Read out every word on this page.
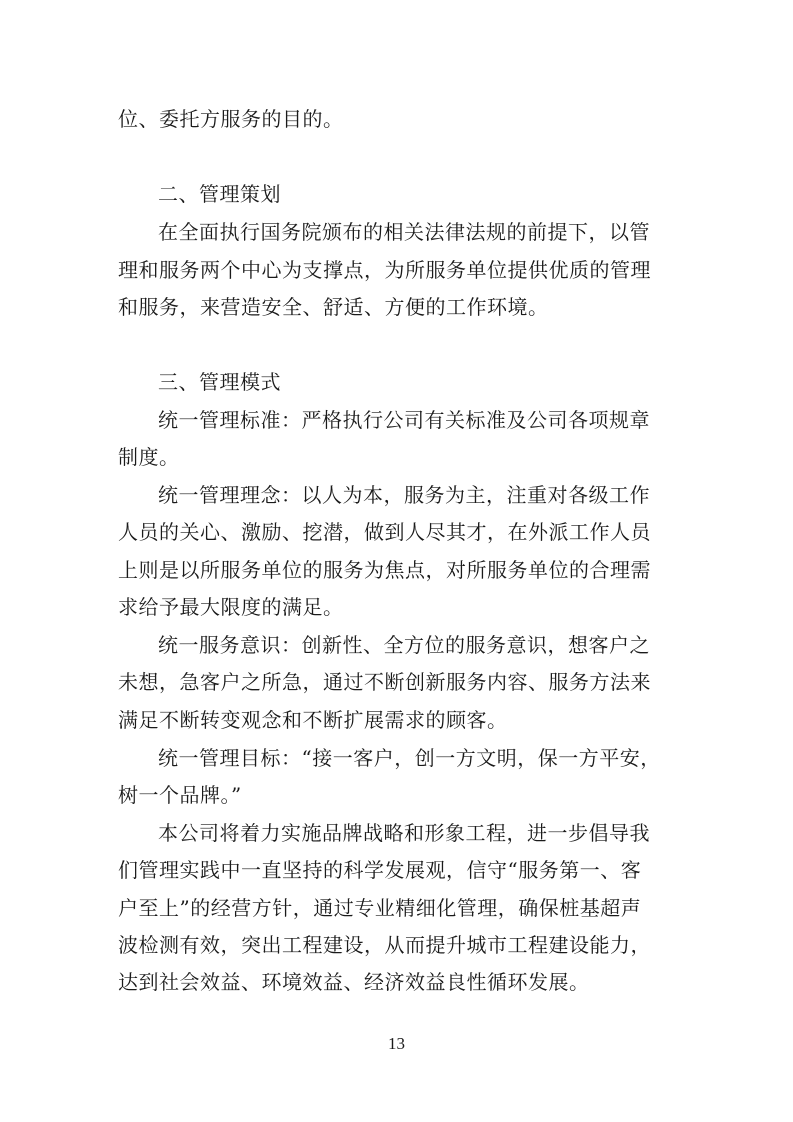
位、委托方服务的目的。
二、管理策划
在全面执行国务院颁布的相关法律法规的前提下，以管
理和服务两个中心为支撑点，为所服务单位提供优质的管理
和服务，来营造安全、舒适、方便的工作环境。
三、管理模式
统一管理标准：严格执行公司有关标准及公司各项规章
制度。
统一管理理念：以人为本，服务为主，注重对各级工作
人员的关心、激励、挖潜，做到人尽其才，在外派工作人员
上则是以所服务单位的服务为焦点，对所服务单位的合理需
求给予最大限度的满足。
统一服务意识：创新性、全方位的服务意识，想客户之
未想，急客户之所急，通过不断创新服务内容、服务方法来
满足不断转变观念和不断扩展需求的顾客。
统一管理目标：“接一客户，创一方文明，保一方平安，
树一个品牌。”
本公司将着力实施品牌战略和形象工程，进一步倡导我
们管理实践中一直坚持的科学发展观，信守“服务第一、客
户至上”的经营方针，通过专业精细化管理，确保桩基超声
波检测有效，突出工程建设，从而提升城市工程建设能力，
达到社会效益、环境效益、经济效益良性循环发展。
13
